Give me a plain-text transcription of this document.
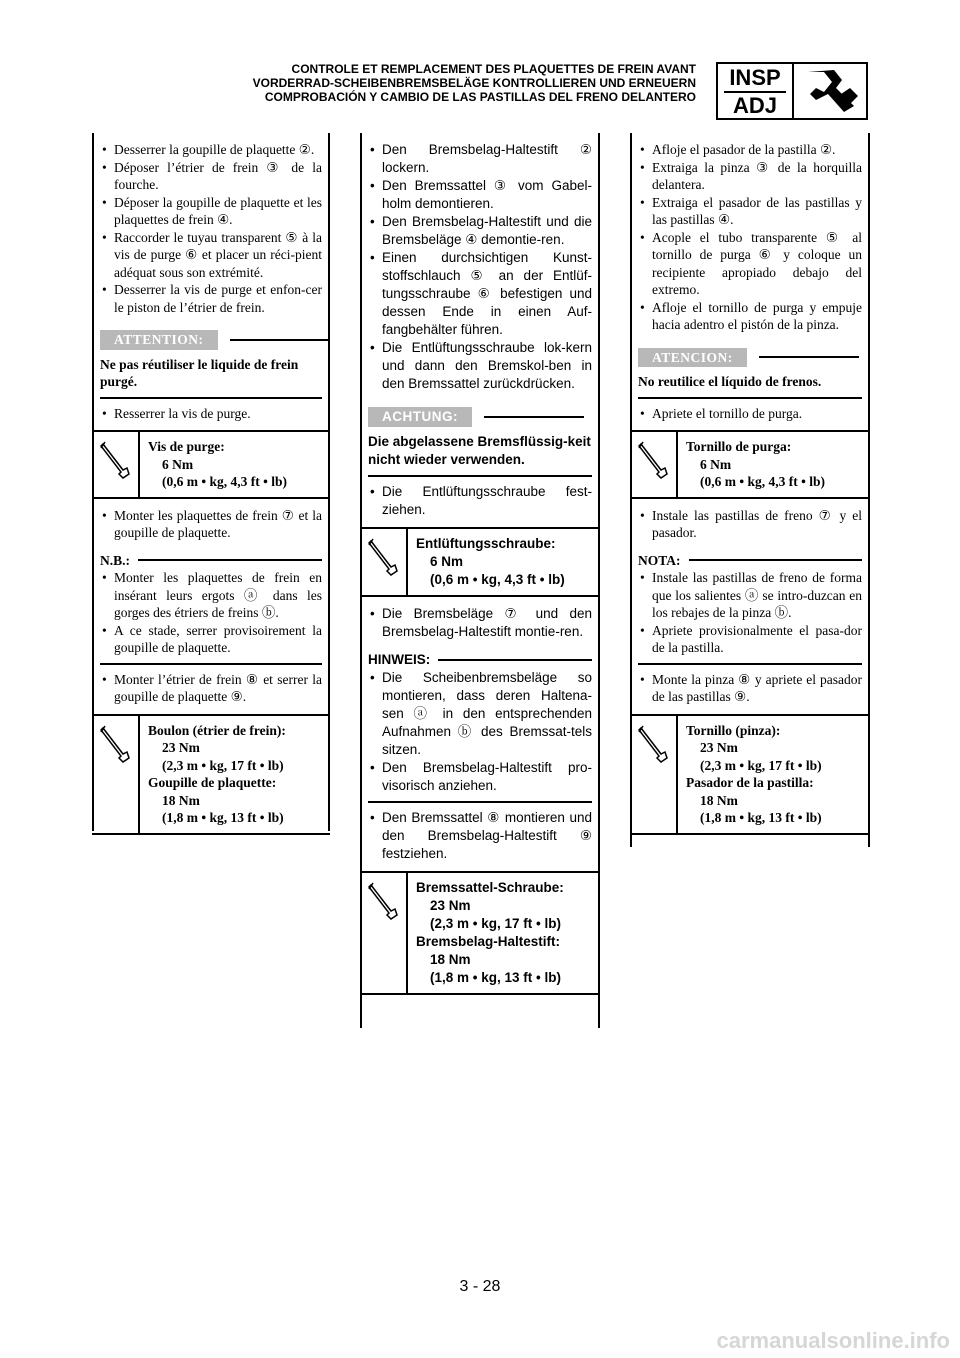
CONTROLE ET REMPLACEMENT DES PLAQUETTES DE FREIN AVANT
VORDERRAD-SCHEIBENBREMSBELÄGE KONTROLLIEREN UND ERNEUERN
COMPROBACIÓN Y CAMBIO DE LAS PASTILLAS DEL FRENO DELANTERO
INSP
ADJ
• Desserrer la goupille de plaquette ②.
• Déposer l’étrier de frein ③ de la fourche.
• Déposer la goupille de plaquette et les plaquettes de frein ④.
• Raccorder le tuyau transparent ⑤ à la vis de purge ⑥ et placer un réci-pient adéquat sous son extrémité.
• Desserrer la vis de purge et enfon-cer le piston de l’étrier de frein.
ATTENTION:
Ne pas réutiliser le liquide de frein purgé.
• Resserrer la vis de purge.
Vis de purge:
6 Nm
(0,6 m • kg, 4,3 ft • lb)
• Monter les plaquettes de frein ⑦ et la goupille de plaquette.
N.B.:
• Monter les plaquettes de frein en insérant leurs ergots ⓐ dans les gorges des étriers de freins ⓑ.
• A ce stade, serrer provisoirement la goupille de plaquette.
• Monter l’étrier de frein ⑧ et serrer la goupille de plaquette ⑨.
Boulon (étrier de frein):
23 Nm
(2,3 m • kg, 17 ft • lb)
Goupille de plaquette:
18 Nm
(1,8 m • kg, 13 ft • lb)
• Den Bremsbelag-Haltestift ② lockern.
• Den Bremssattel ③ vom Gabel-holm demontieren.
• Den Bremsbelag-Haltestift und die Bremsbeläge ④ demontie-ren.
• Einen durchsichtigen Kunst-stoffschlauch ⑤ an der Entlüf-tungsschraube ⑥ befestigen und dessen Ende in einen Auf-fangbehälter führen.
• Die Entlüftungsschraube lok-kern und dann den Bremskol-ben in den Bremssattel zurückdrücken.
ACHTUNG:
Die abgelassene Bremsflüssig-keit nicht wieder verwenden.
• Die Entlüftungsschraube fest-ziehen.
Entlüftungsschraube:
6 Nm
(0,6 m • kg, 4,3 ft • lb)
• Die Bremsbeläge ⑦ und den Bremsbelag-Haltestift montie-ren.
HINWEIS:
• Die Scheibenbremsbeläge so montieren, dass deren Haltena-sen ⓐ in den entsprechenden Aufnahmen ⓑ des Bremssat-tels sitzen.
• Den Bremsbelag-Haltestift pro-visorisch anziehen.
• Den Bremssattel ⑧ montieren und den Bremsbelag-Haltestift ⑨ festziehen.
Bremssattel-Schraube:
23 Nm
(2,3 m • kg, 17 ft • lb)
Bremsbelag-Haltestift:
18 Nm
(1,8 m • kg, 13 ft • lb)
• Afloje el pasador de la pastilla ②.
• Extraiga la pinza ③ de la horquilla delantera.
• Extraiga el pasador de las pastillas y las pastillas ④.
• Acople el tubo transparente ⑤ al tornillo de purga ⑥ y coloque un recipiente apropiado debajo del extremo.
• Afloje el tornillo de purga y empuje hacia adentro el pistón de la pinza.
ATENCION:
No reutilice el líquido de frenos.
• Apriete el tornillo de purga.
Tornillo de purga:
6 Nm
(0,6 m • kg, 4,3 ft • lb)
• Instale las pastillas de freno ⑦ y el pasador.
NOTA:
• Instale las pastillas de freno de forma que los salientes ⓐ se intro-duzcan en los rebajes de la pinza ⓑ.
• Apriete provisionalmente el pasa-dor de la pastilla.
• Monte la pinza ⑧ y apriete el pasador de las pastillas ⑨.
Tornillo (pinza):
23 Nm
(2,3 m • kg, 17 ft • lb)
Pasador de la pastilla:
18 Nm
(1,8 m • kg, 13 ft • lb)
3 - 28
carmanualsonline.info
